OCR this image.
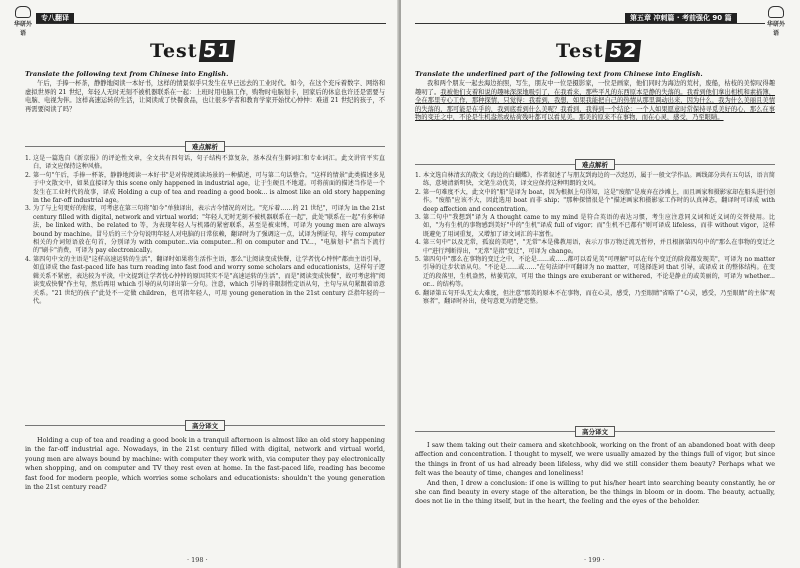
华研外语
专八翻译
Test 51
Translate the following text from Chinese into English.

午后，手捧一杯茶，静静地阅读一本好书，这样的情景似乎只发生在早已远去的工业时代。如今，在这个充斥着数字、网络和虚拟世界的 21 世纪，年轻人无时无刻不被机器联系在一起：上班时用电脑工作，购物时电脑划卡，回家后的休息也许还是需要与电脑、电视为伴。这样高速运转的生活，让阅读成了快餐食品，也让很多学者和教育学家开始忧心忡忡：难道 21 世纪的孩子，不再需要阅读了吗？

难点解析

1. 这是一篇选自《新京报》的评论性文章，全文共有四句话，句子结构不算复杂，基本没有生僻词汇和专业词汇。此文讲官平实直白，译文应保持这种风格。

2. 第一句"午后，手捧一杯茶，静静地阅读一本好书"是对传统阅读场景的一种描述，可与第二句话整合。"这样的情景"此类描述多见于中文散文中，如果直接译为 this scene only happened in industrial age，让于生硬且不地道。可将前面的描述当作是一个发生在工业时代的故事，译成 Holding a cup of tea and reading a good book... is almost like an old story happening in the far-off industrial age。

3. 为了与上句更好的衔接，可考虑在第三句将"如今"单独译出，表示古今情况的对比。"充斥着……的 21 世纪"，可译为 in the 21st century filled with digital, network and virtual world；"年轻人无时无刻不被机器联系在一起"，此处"联系在一起"有多种译法，be linked with、be related to 等，为表现年轻人与机器的紧密联系，甚至是被束缚，可译为 young men are always bound by machine。冒号后的三个分句说明年轻人对电脑的日常依赖，翻译时为了强调这一点，试译为例证句，将与 computer 相关的介词短语放在句首，分别译为 with computer...via computer...和 on computer and TV...，"电脑划卡"指当下流行的"刷卡"消费，可译为 pay electronically。

4. 第四句中文的主语是"这样高速运转的生活"，翻译时如果将生活作主语，那么"让阅读变成快餐，让学者忧心忡忡"都由主语引导，如直译成 the fast-paced life has turn reading into fast food and worry some scholars and educationists，这样句子逻辑关系不紧密，表达较为平淡，中文提到让学者忧心忡忡的原因其实不是"高速运转的生活"，而是"阅读变成快餐"，故可考虑将"阅读变成快餐"作主句，然后再用 which 引导的从句译出第一分句。注意，which 引导的非限制性定语从句，主句与从句紧跟着语意关系。"21 世纪的孩子"此处不一定做 children，也可指年轻人，可用 young generation in the 21st century 泛指年轻的一代。

高分译文

Holding a cup of tea and reading a good book in a tranquil afternoon is almost like an old story happening in the far-off industrial age. Nowadays, in the 21st century filled with digital, network and virtual world, young men are always bound by machine: with computer they work with, via computer they pay electronically when shopping, and on computer and TV they rest even at home. In the fast-paced life, reading has become fast food for modern people, which worries some scholars and educationists: shouldn't the young generation in the 21st century read?

· 198 ·
第五章 冲刺篇 · 考前强化 90 篇
华研外语
Test 52
Translate the underlined part of the following text from Chinese into English.

我和两个朋友一起去海边拍照，写生，朋友中一位是摄影家，一位是画家，他们同时为海边的荒村，废船，枯枝的美惊叹得趣趣叨了。我被他们支着和说的趣味深深地吸引了，在我看来，那些平凡的东西原本是静的失落的。我看到他们拿出相机和素描簿，全在那里专心工作，那种探情，只觉得：我看到，我想，如果我能把自己的热情从那里调动出来，因为什么，我为什么美丽且美情的失落的，那可能是在乎的，我到底看到什么美呢？我看到，我得到一个结论：一个人如果愿意时常保持寻觅美好的心，那么在事物的变迁之中，不论是生机盎然或枯荷残叶都可以看见美。那美的原来不在事物，而在心灵，感受，乃至眼睛。

难点解析

1. 本文选自林清玄的散文《海边的白蝴蝶》，作者叙述了与朋友到海边的一次经历，属于一般文学作品。画线部分共有五句话，语言简练，意境清新明快，文笔生动优美，译文应保持这种明朗的文风。

2. 第一句难度不大，此文中的"船"是译为 boat，因为根据上句得知，这是"废船"是废弃在沙滩上，而且画家和摄影家却在船头进行创作。"废船"应该不大，因此选用 boat 而非 ship；"那种探情很是个"描述画家和摄影家工作时的认真神态，翻译时可译成 with deep affection and concentration。

3. 第二句中"我想到"译为 A thought came to my mind 是符合英语的表达习惯，考生应注意同义词和近义词的交替使用。比如，"为有生机的事物感到美好"中的"生机"译成 full of vigor；而"生机不已都有"则可译成 lifeless，而非 without vigor，这样既避免了用词重复，又增加了译文词汇的丰富性。

4. 第三句中"以及无常，孤寂的美吧"，"无常"本是佛教用语，表示万事万物迁流无暂停，并且根据第四句中的"那么在事物的变迁之中"进行判断得出，"无常"是指"变迁"，可译为 change。

5. 第四句中"那么在事物的变迁之中，不论是……或……都可以看见美"可理解"可以在每个变迁的阶段都发现美"，可译为 no matter 引导的让步状语从句。"不论是……或……"在句法译中可翻译为 no matter，可选择连词 that 引导，或译成 it 的整体结构。在变迁的段落里，生机盎然，枯萎荒凉，可用 the things are exuberant or withered，不论是静止的或美丽的，可译为 whether... or... 的结构等。

6. 翻译第五句开头无太大难度，但注意"那美的原本不在事物，而在心灵，感受，乃至眼睛"省略了"心灵，感受，乃至眼睛"的主体"观察者"，翻译时补出，使句意更为清楚完整。

高分译文

I saw them taking out their camera and sketchbook, working on the front of an abandoned boat with deep affection and concentration. I thought to myself, we were usually amazed by the things full of vigor, but since the things in front of us had already been lifeless, why did we still consider them beauty? Perhaps what we felt was the beauty of time, changes and loneliness!

And then, I drew a conclusion: if one is willing to put his/her heart into searching beauty constantly, he or she can find beauty in every stage of the alteration, be the things in bloom or in doom. The beauty, actually, does not lie in the thing itself, but in the heart, the feeling and the eyes of the beholder.

· 199 ·
